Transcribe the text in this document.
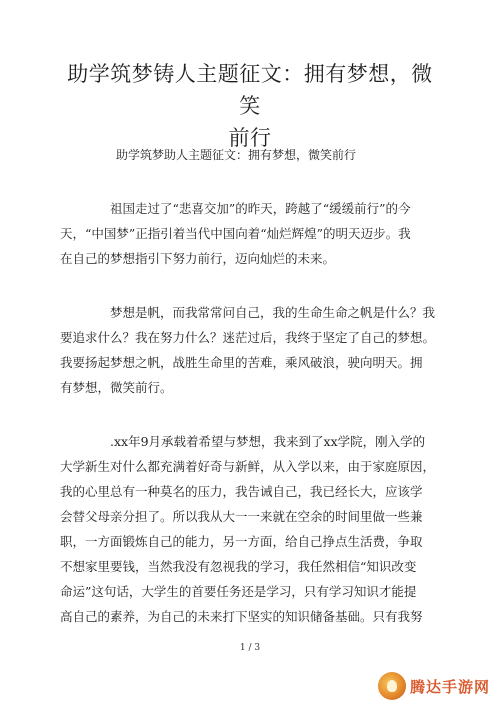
助学筑梦铸人主题征文：拥有梦想，微笑
前行
助学筑梦助人主题征文：拥有梦想，微笑前行
祖国走过了“悲喜交加”的昨天，跨越了“缓缓前行”的今
天，“中国梦”正指引着当代中国向着“灿烂辉煌”的明天迈步。我
在自己的梦想指引下努力前行，迈向灿烂的未来。
梦想是帆，而我常常问自己，我的生命生命之帆是什么？我
要追求什么？我在努力什么？迷茫过后，我终于坚定了自己的梦想。
我要扬起梦想之帆，战胜生命里的苦难，乘风破浪，驶向明天。拥
有梦想，微笑前行。
.xx年9月承载着希望与梦想，我来到了xx学院，刚入学的
大学新生对什么都充满着好奇与新鲜，从入学以来，由于家庭原因，
我的心里总有一种莫名的压力，我告诫自己，我已经长大，应该学
会替父母亲分担了。所以我从大一一来就在空余的时间里做一些兼
职，一方面锻炼自己的能力，另一方面，给自己挣点生活费，争取
不想家里要钱，当然我没有忽视我的学习，我任然相信“知识改变
命运”这句话，大学生的首要任务还是学习，只有学习知识才能提
高自己的素养，为自己的未来打下坚实的知识储备基础。只有我努
1 / 3
腾达手游网
